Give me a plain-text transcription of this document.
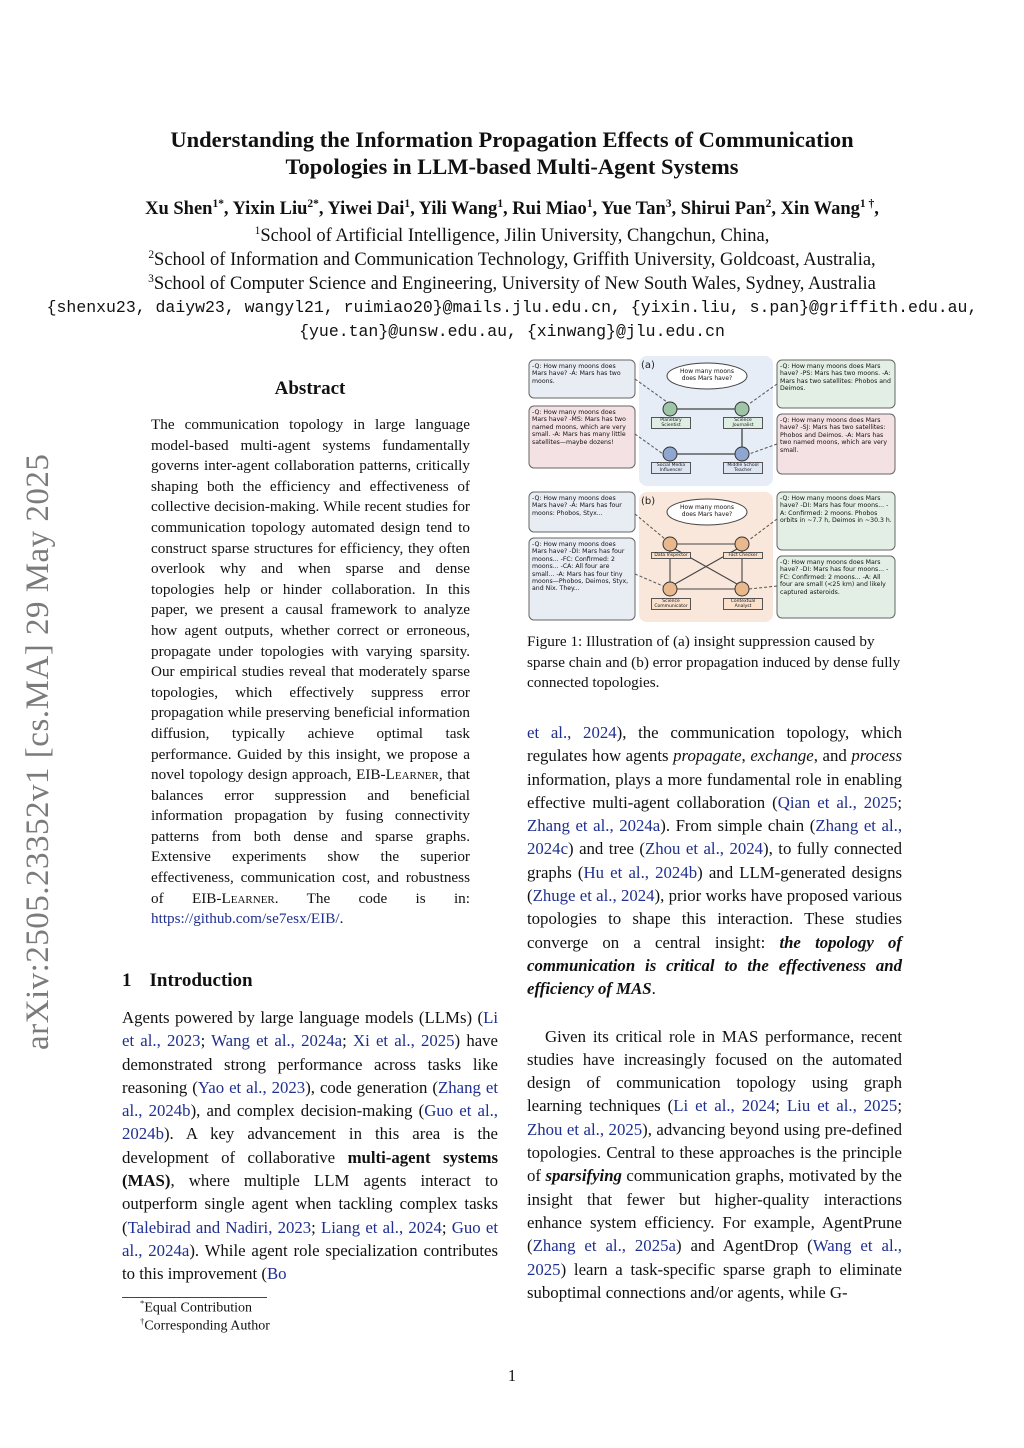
arXiv:2505.23352v1 [cs.MA] 29 May 2025
Understanding the Information Propagation Effects of Communication
Topologies in LLM-based Multi-Agent Systems
Xu Shen$^{1*}$, Yixin Liu$^{2*}$, Yiwei Dai$^1$, Yili Wang$^1$, Rui Miao$^1$, Yue Tan$^3$, Shirui Pan$^2$, Xin Wang$^{1 \dagger}$,
$^1$School of Artificial Intelligence, Jilin University, Changchun, China,
$^2$School of Information and Communication Technology, Griffith University, Goldcoast, Australia,
$^3$School of Computer Science and Engineering, University of New South Wales, Sydney, Australia
{shenxu23, daiyw23, wangyl21, ruimiao20}@mails.jlu.edu.cn, {yixin.liu, s.pan}@griffith.edu.au,
{yue.tan}@unsw.edu.au, {xinwang}@jlu.edu.cn
Abstract
The communication topology in large language model-based multi-agent systems fundamentally governs inter-agent collaboration patterns, critically shaping both the efficiency and effectiveness of collective decision-making. While recent studies for communication topology automated design tend to construct sparse structures for efficiency, they often overlook why and when sparse and dense topologies help or hinder collaboration. In this paper, we present a causal framework to analyze how agent outputs, whether correct or erroneous, propagate under topologies with varying sparsity. Our empirical studies reveal that moderately sparse topologies, which effectively suppress error propagation while preserving beneficial information diffusion, typically achieve optimal task performance. Guided by this insight, we propose a novel topology design approach, EIB-Learner, that balances error suppression and beneficial information propagation by fusing connectivity patterns from both dense and sparse graphs. Extensive experiments show the superior effectiveness, communication cost, and robustness of EIB-Learner. The code is in: https://github.com/se7esx/EIB/.
1 Introduction

Agents powered by large language models (LLMs) (Li et al., 2023; Wang et al., 2024a; Xi et al., 2025) have demonstrated strong performance across tasks like reasoning (Yao et al., 2023), code generation (Zhang et al., 2024b), and complex decision-making (Guo et al., 2024b). A key advancement in this area is the development of collaborative multi-agent systems (MAS), where multiple LLM agents interact to outperform single agent when tackling complex tasks (Talebirad and Nadiri, 2023; Liang et al., 2024; Guo et al., 2024a). While agent role specialization contributes to this improvement (Bo

*Equal Contribution
†Corresponding Author
(a)
(b)
How many moons does Mars have?
How many moons does Mars have?
Planetary Scientist
Science Journalist
Social Media Influencer
Middle School Teacher
Data Inspector	Fact Checker
Science Communicator
Contextual Analyst
-Q: How many moons does Mars have? -A: Mars has two moons.
-Q: How many moons does Mars have? -MS: Mars has two named moons, which are very small. -A: Mars has many little satellites—maybe dozens!
-Q: How many moons does Mars have? -PS: Mars has two moons. -A: Mars has two satellites: Phobos and Deimos.
-Q: How many moons does Mars have? -SJ: Mars has two satellites: Phobos and Deimos. -A: Mars has two named moons, which are very small.
-Q: How many moons does Mars have? -A: Mars has four moons: Phobos, Styx...
-Q: How many moons does Mars have? -DI: Mars has four moons... -FC: Confirmed: 2 moons... -CA: All four are small... -A: Mars has four tiny moons—Phobos, Deimos, Styx, and Nix. They...
-Q: How many moons does Mars have? -DI: Mars has four moons... -A: Confirmed: 2 moons. Phobos orbits in ~7.7 h, Deimos in ~30.3 h.
-Q: How many moons does Mars have? -DI: Mars has four moons... -FC: Confirmed: 2 moons... -A: All four are small (<25 km) and likely captured asteroids.
Figure 1: Illustration of (a) insight suppression caused by sparse chain and (b) error propagation induced by dense fully connected topologies.

et al., 2024), the communication topology, which regulates how agents propagate, exchange, and process information, plays a more fundamental role in enabling effective multi-agent collaboration (Qian et al., 2025; Zhang et al., 2024a). From simple chain (Zhang et al., 2024c) and tree (Zhou et al., 2024), to fully connected graphs (Hu et al., 2024b) and LLM-generated designs (Zhuge et al., 2024), prior works have proposed various topologies to shape this interaction. These studies converge on a central insight: the topology of communication is critical to the effectiveness and efficiency of MAS.

Given its critical role in MAS performance, recent studies have increasingly focused on the automated design of communication topology using graph learning techniques (Li et al., 2024; Liu et al., 2025; Zhou et al., 2025), advancing beyond using pre-defined topologies. Central to these approaches is the principle of sparsifying communication graphs, motivated by the insight that fewer but higher-quality interactions enhance system efficiency. For example, AgentPrune (Zhang et al., 2025a) and AgentDrop (Wang et al., 2025) learn a task-specific sparse graph to eliminate suboptimal connections and/or agents, while G-

1
